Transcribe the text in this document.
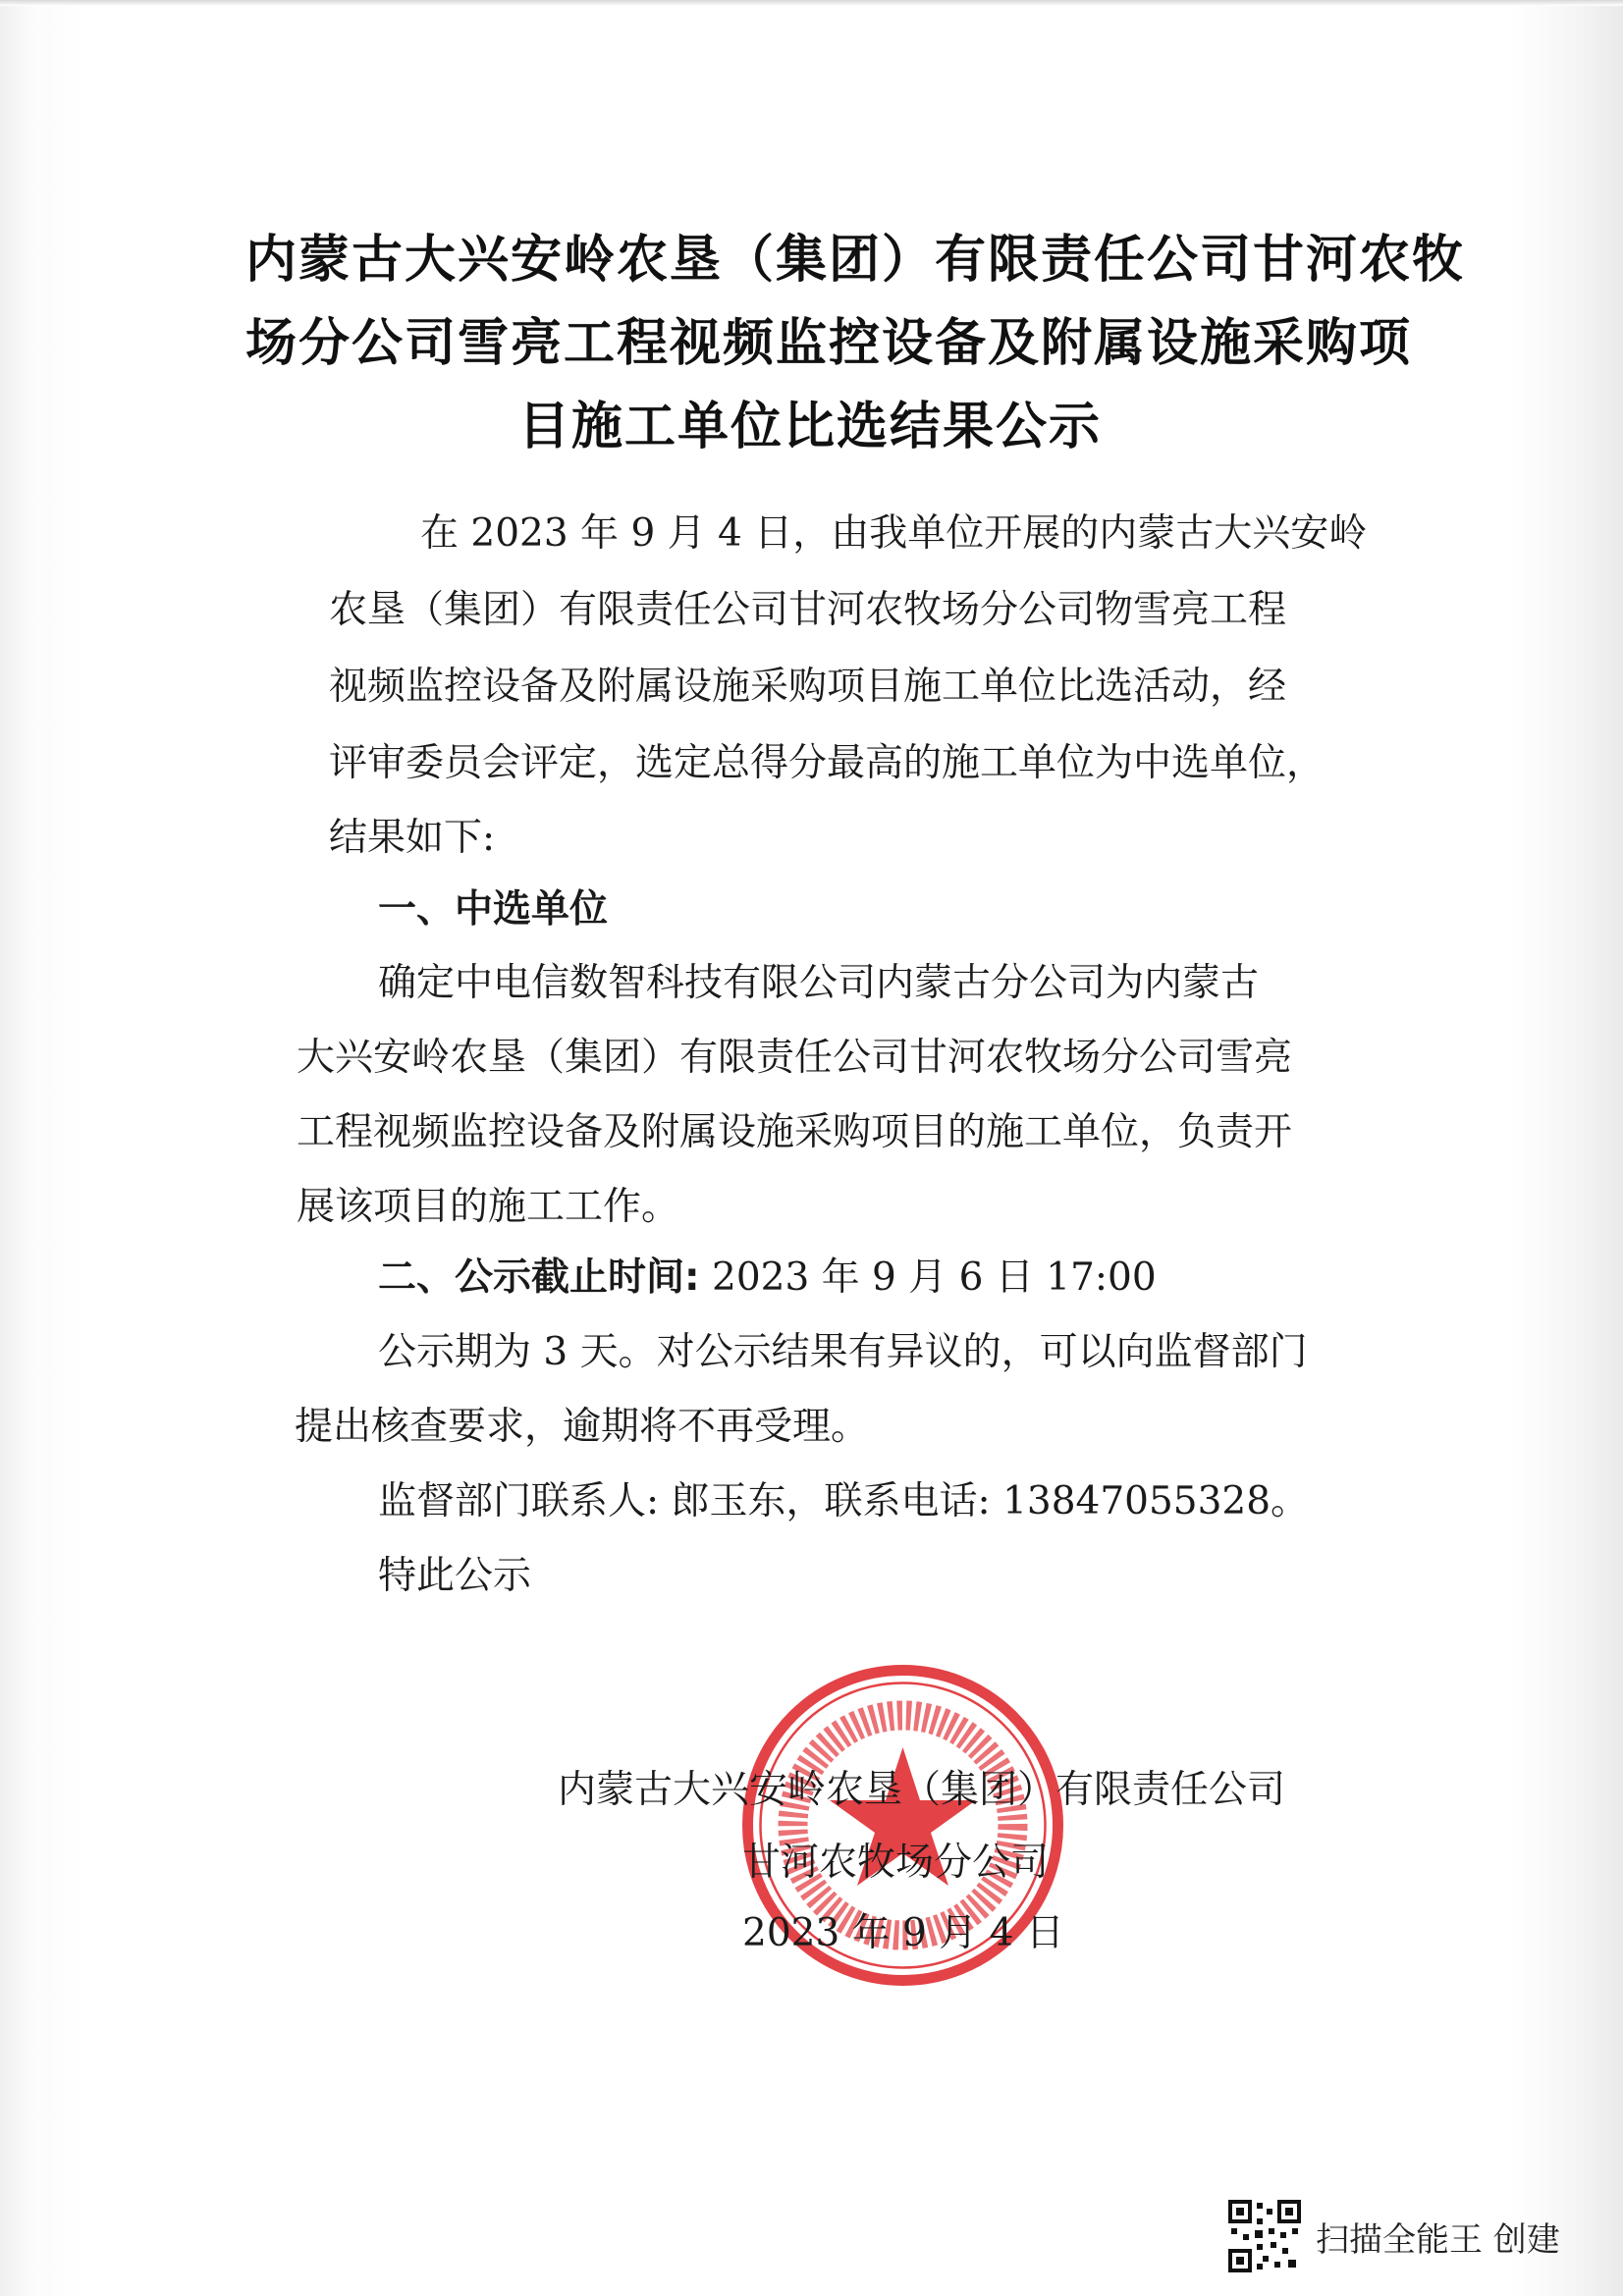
内蒙古大兴安岭农垦（集团）有限责任公司甘河农牧
场分公司雪亮工程视频监控设备及附属设施采购项
目施工单位比选结果公示
在 2023 年 9 月 4 日，由我单位开展的内蒙古大兴安岭
农垦（集团）有限责任公司甘河农牧场分公司物雪亮工程
视频监控设备及附属设施采购项目施工单位比选活动，经
评审委员会评定，选定总得分最高的施工单位为中选单位，
结果如下:
一、中选单位
确定中电信数智科技有限公司内蒙古分公司为内蒙古
大兴安岭农垦（集团）有限责任公司甘河农牧场分公司雪亮
工程视频监控设备及附属设施采购项目的施工单位，负责开
展该项目的施工工作。
二、公示截止时间: 2023 年 9 月 6 日 17:00
公示期为 3 天。对公示结果有异议的，可以向监督部门
提出核查要求，逾期将不再受理。
监督部门联系人: 郎玉东，联系电话: 13847055328。
特此公示
内蒙古大兴安岭农垦（集团）有限责任公司
甘河农牧场分公司
2023 年 9 月 4 日
扫描全能王 创建
